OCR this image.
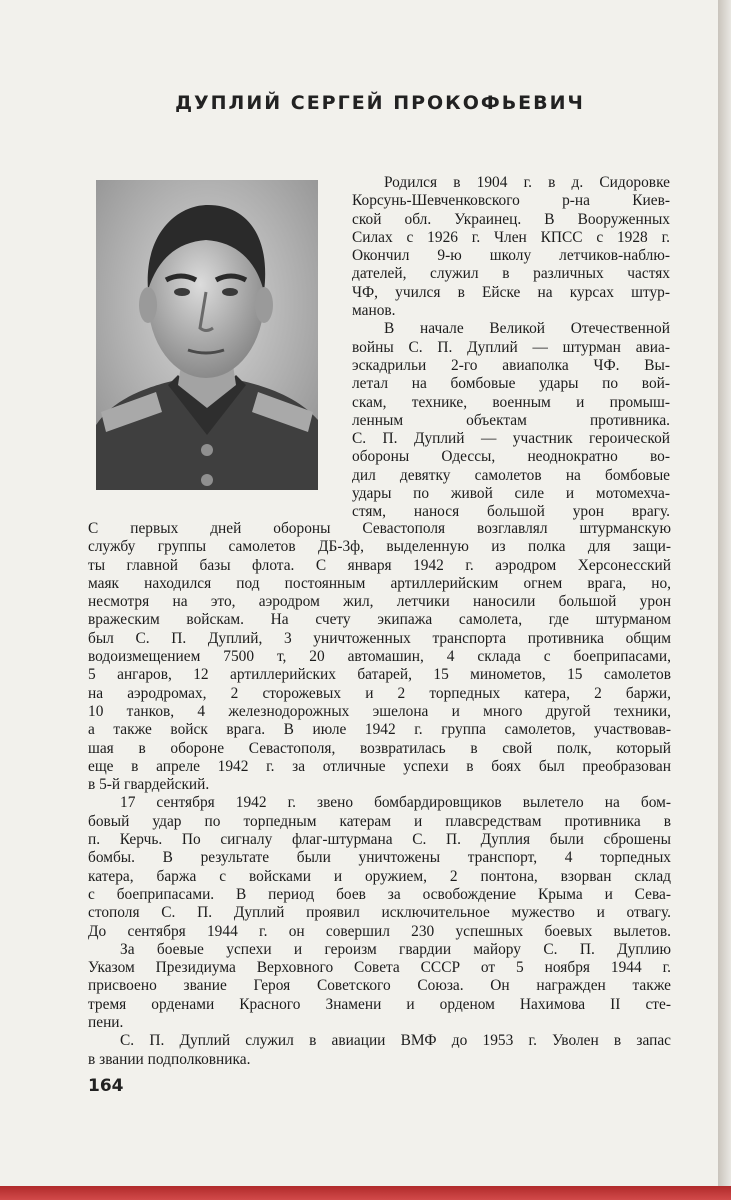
ДУПЛИЙ СЕРГЕЙ ПРОКОФЬЕВИЧ
Родился в 1904 г. в д. Сидоровке
Корсунь-Шевченковского р-на Киев-
ской обл. Украинец. В Вооруженных
Силах с 1926 г. Член КПСС с 1928 г.
Окончил 9-ю школу летчиков-наблю-
дателей, служил в различных частях
ЧФ, учился в Ейске на курсах штур-
манов.
В начале Великой Отечественной
войны С. П. Дуплий — штурман авиа-
эскадрильи 2-го авиаполка ЧФ. Вы-
летал на бомбовые удары по вой-
скам, технике, военным и промыш-
ленным объектам противника.
С. П. Дуплий — участник героической
обороны Одессы, неоднократно во-
дил девятку самолетов на бомбовые
удары по живой силе и мотомехча-
стям, нанося большой урон врагу.
С первых дней обороны Севастополя возглавлял штурманскую
службу группы самолетов ДБ-3ф, выделенную из полка для защи-
ты главной базы флота. С января 1942 г. аэродром Херсонесский
маяк находился под постоянным артиллерийским огнем врага, но,
несмотря на это, аэродром жил, летчики наносили большой урон
вражеским войскам. На счету экипажа самолета, где штурманом
был С. П. Дуплий, 3 уничтоженных транспорта противника общим
водоизмещением 7500 т, 20 автомашин, 4 склада с боеприпасами,
5 ангаров, 12 артиллерийских батарей, 15 минометов, 15 самолетов
на аэродромах, 2 сторожевых и 2 торпедных катера, 2 баржи,
10 танков, 4 железнодорожных эшелона и много другой техники,
а также войск врага. В июле 1942 г. группа самолетов, участвовав-
шая в обороне Севастополя, возвратилась в свой полк, который
еще в апреле 1942 г. за отличные успехи в боях был преобразован
в 5-й гвардейский.
17 сентября 1942 г. звено бомбардировщиков вылетело на бом-
бовый удар по торпедным катерам и плавсредствам противника в
п. Керчь. По сигналу флаг-штурмана С. П. Дуплия были сброшены
бомбы. В результате были уничтожены транспорт, 4 торпедных
катера, баржа с войсками и оружием, 2 понтона, взорван склад
с боеприпасами. В период боев за освобождение Крыма и Сева-
стополя С. П. Дуплий проявил исключительное мужество и отвагу.
До сентября 1944 г. он совершил 230 успешных боевых вылетов.
За боевые успехи и героизм гвардии майору С. П. Дуплию
Указом Президиума Верховного Совета СССР от 5 ноября 1944 г.
присвоено звание Героя Советского Союза. Он награжден также
тремя орденами Красного Знамени и орденом Нахимова II сте-
пени.
С. П. Дуплий служил в авиации ВМФ до 1953 г. Уволен в запас
в звании подполковника.
164
